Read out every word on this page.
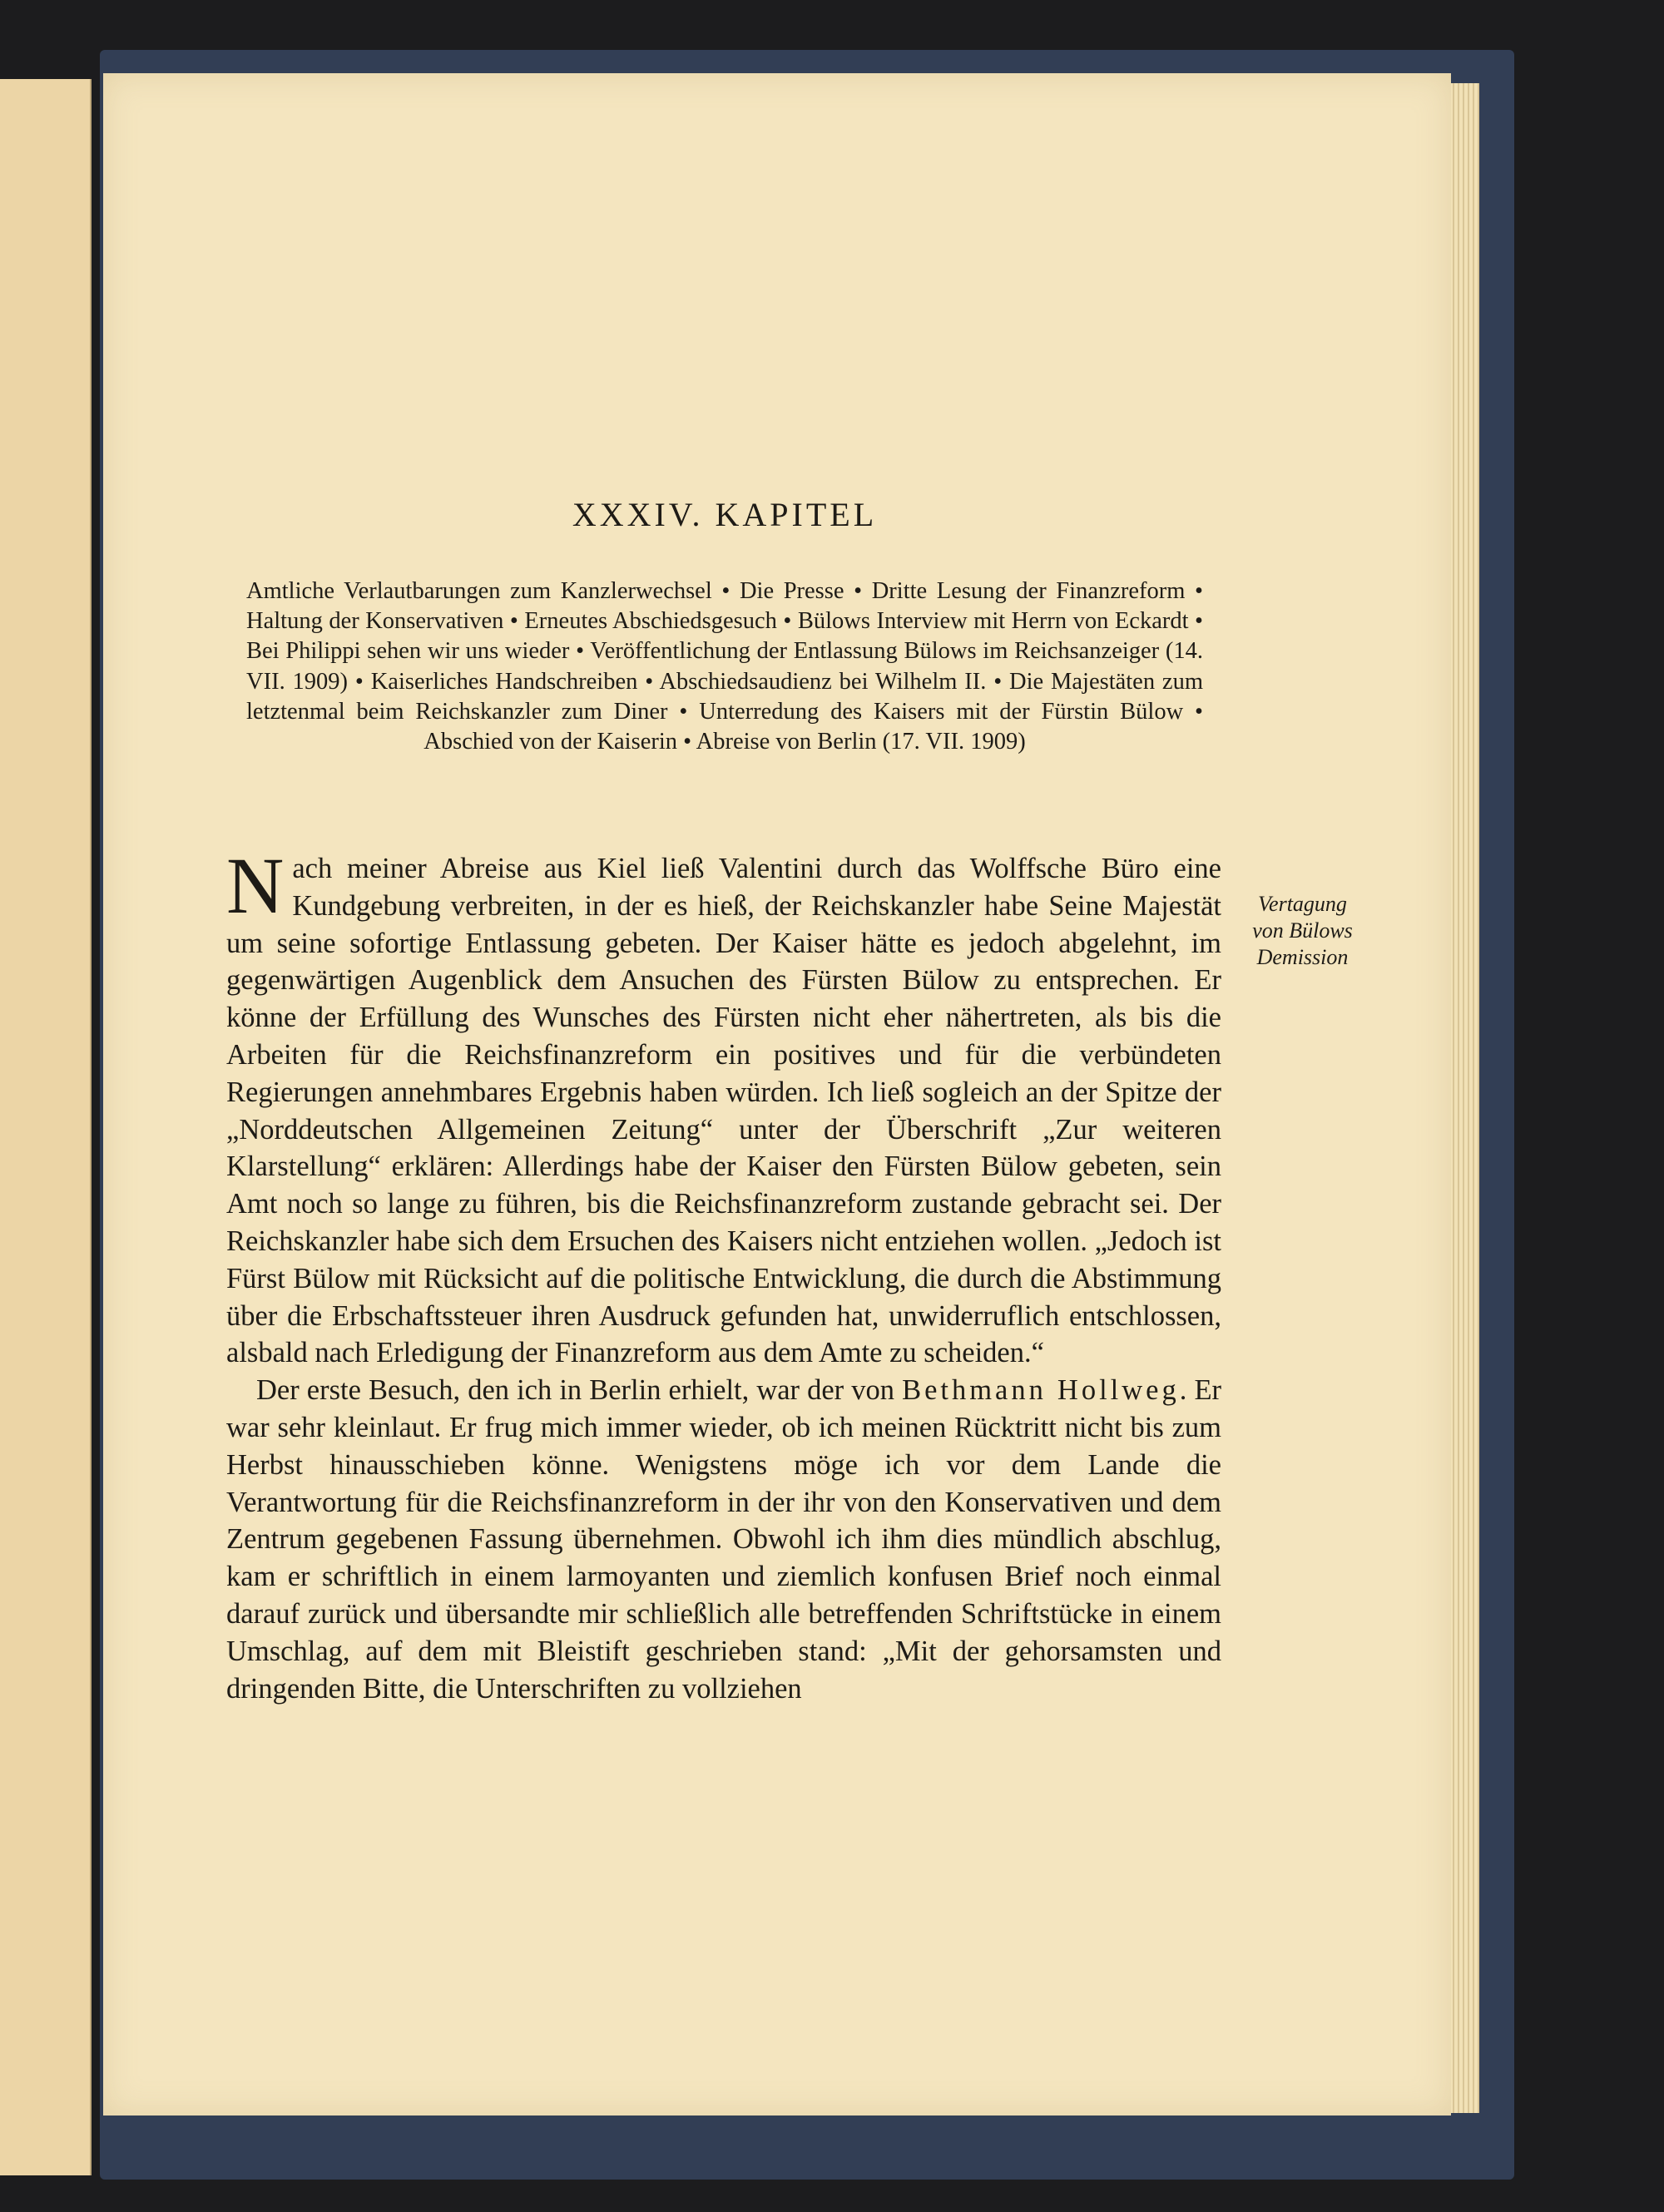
XXXIV. KAPITEL
Amtliche Verlautbarungen zum Kanzlerwechsel • Die Presse • Dritte Lesung der Finanzreform • Haltung der Konservativen • Erneutes Abschiedsgesuch • Bülows Interview mit Herrn von Eckardt • Bei Philippi sehen wir uns wieder • Veröffentlichung der Entlassung Bülows im Reichsanzeiger (14. VII. 1909) • Kaiserliches Handschreiben • Abschiedsaudienz bei Wilhelm II. • Die Majestäten zum letztenmal beim Reichskanzler zum Diner • Unterredung des Kaisers mit der Fürstin Bülow • Abschied von der Kaiserin • Abreise von Berlin (17. VII. 1909)
Vertagung
von Bülows
Demission

Nach meiner Abreise aus Kiel ließ Valentini durch das Wolffsche Büro eine Kundgebung verbreiten, in der es hieß, der Reichskanzler habe Seine Majestät um seine sofortige Entlassung gebeten. Der Kaiser hätte es jedoch abgelehnt, im gegenwärtigen Augenblick dem Ansuchen des Fürsten Bülow zu entsprechen. Er könne der Erfüllung des Wunsches des Fürsten nicht eher nähertreten, als bis die Arbeiten für die Reichsfinanzreform ein positives und für die verbündeten Regierungen annehmbares Ergebnis haben würden. Ich ließ sogleich an der Spitze der „Norddeutschen Allgemeinen Zeitung“ unter der Überschrift „Zur weiteren Klarstellung“ erklären: Allerdings habe der Kaiser den Fürsten Bülow gebeten, sein Amt noch so lange zu führen, bis die Reichsfinanzreform zustande gebracht sei. Der Reichskanzler habe sich dem Ersuchen des Kaisers nicht entziehen wollen. „Jedoch ist Fürst Bülow mit Rücksicht auf die politische Entwicklung, die durch die Abstimmung über die Erbschaftssteuer ihren Ausdruck gefunden hat, unwiderruflich entschlossen, alsbald nach Erledigung der Finanzreform aus dem Amte zu scheiden.“

Der erste Besuch, den ich in Berlin erhielt, war der von Bethmann Hollweg. Er war sehr kleinlaut. Er frug mich immer wieder, ob ich meinen Rücktritt nicht bis zum Herbst hinausschieben könne. Wenigstens möge ich vor dem Lande die Verantwortung für die Reichsfinanzreform in der ihr von den Konservativen und dem Zentrum gegebenen Fassung übernehmen. Obwohl ich ihm dies mündlich abschlug, kam er schriftlich in einem larmoyanten und ziemlich konfusen Brief noch einmal darauf zurück und übersandte mir schließlich alle betreffenden Schriftstücke in einem Umschlag, auf dem mit Bleistift geschrieben stand: „Mit der gehorsamsten und dringenden Bitte, die Unterschriften zu vollziehen
